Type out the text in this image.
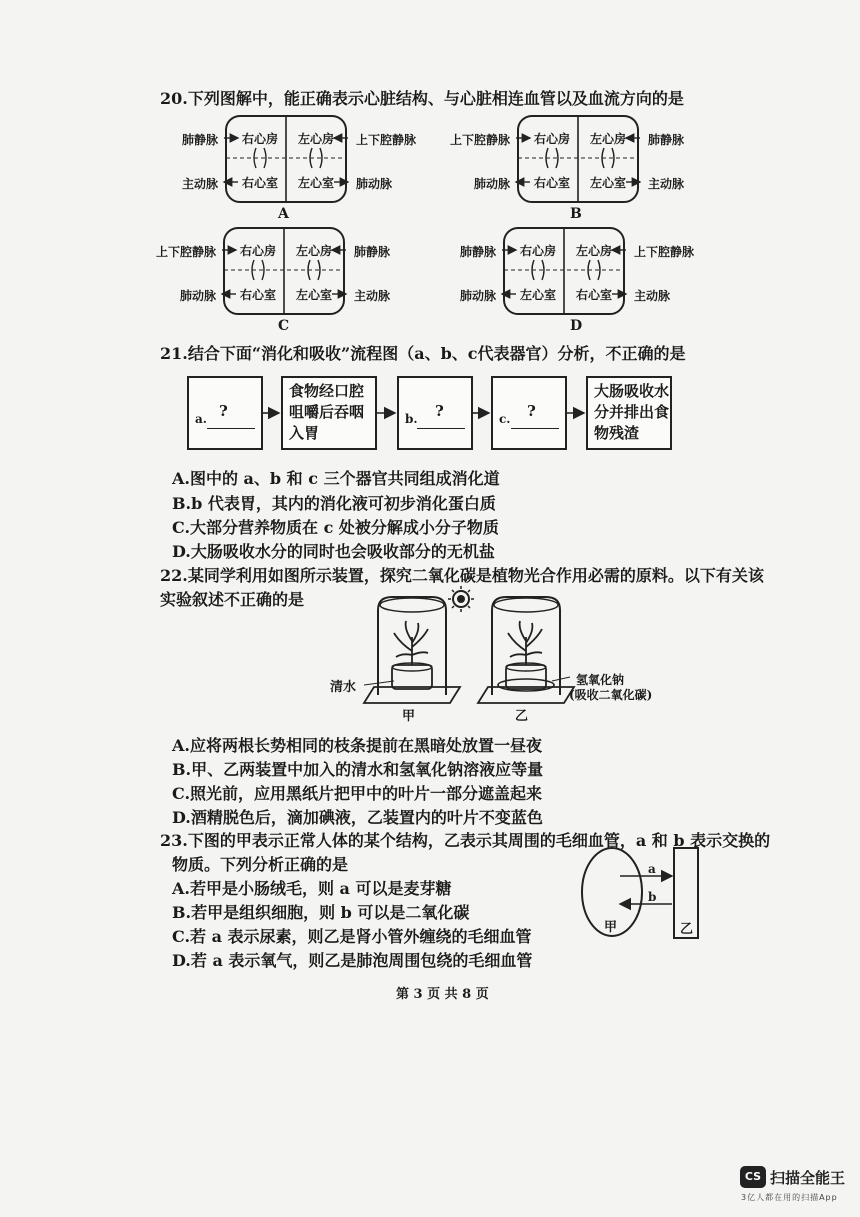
20.下列图解中，能正确表示心脏结构、与心脏相连血管以及血流方向的是
肺静脉	上下腔静脉
主动脉	肺动脉
右心房 左心房
右心室 左心室
A
上下腔静脉	肺静脉
肺动脉	主动脉
右心房 左心房
右心室 左心室
B
上下腔静脉	肺静脉
肺动脉	主动脉
右心房 左心房
右心室 左心室
C
肺静脉	上下腔静脉
肺动脉	主动脉
右心房 左心房
左心室 右心室
D
21.结合下面“消化和吸收”流程图（a、b、c代表器官）分析，不正确的是
a. ?
食物经口腔
咀嚼后吞咽
入胃
b. ?	c. ?
大肠吸收水
分并排出食
物残渣
A.图中的 a、b 和 c 三个器官共同组成消化道
B.b 代表胃，其内的消化液可初步消化蛋白质
C.大部分营养物质在 c 处被分解成小分子物质
D.大肠吸收水分的同时也会吸收部分的无机盐
22.某同学利用如图所示装置，探究二氧化碳是植物光合作用必需的原料。以下有关该
实验叙述不正确的是
清水	氢氧化钠
(吸收二氧化碳)
甲	乙
A.应将两根长势相同的枝条提前在黑暗处放置一昼夜
B.甲、乙两装置中加入的清水和氢氧化钠溶液应等量
C.照光前，应用黑纸片把甲中的叶片一部分遮盖起来
D.酒精脱色后，滴加碘液，乙装置内的叶片不变蓝色
23.下图的甲表示正常人体的某个结构，乙表示其周围的毛细血管，a 和 b 表示交换的
物质。下列分析正确的是
A.若甲是小肠绒毛，则 a 可以是麦芽糖
B.若甲是组织细胞，则 b 可以是二氧化碳
C.若 a 表示尿素，则乙是肾小管外缠绕的毛细血管
D.若 a 表示氧气，则乙是肺泡周围包绕的毛细血管
a
b
甲	乙
第 3 页 共 8 页
CS 扫描全能王
3亿人都在用的扫描App
